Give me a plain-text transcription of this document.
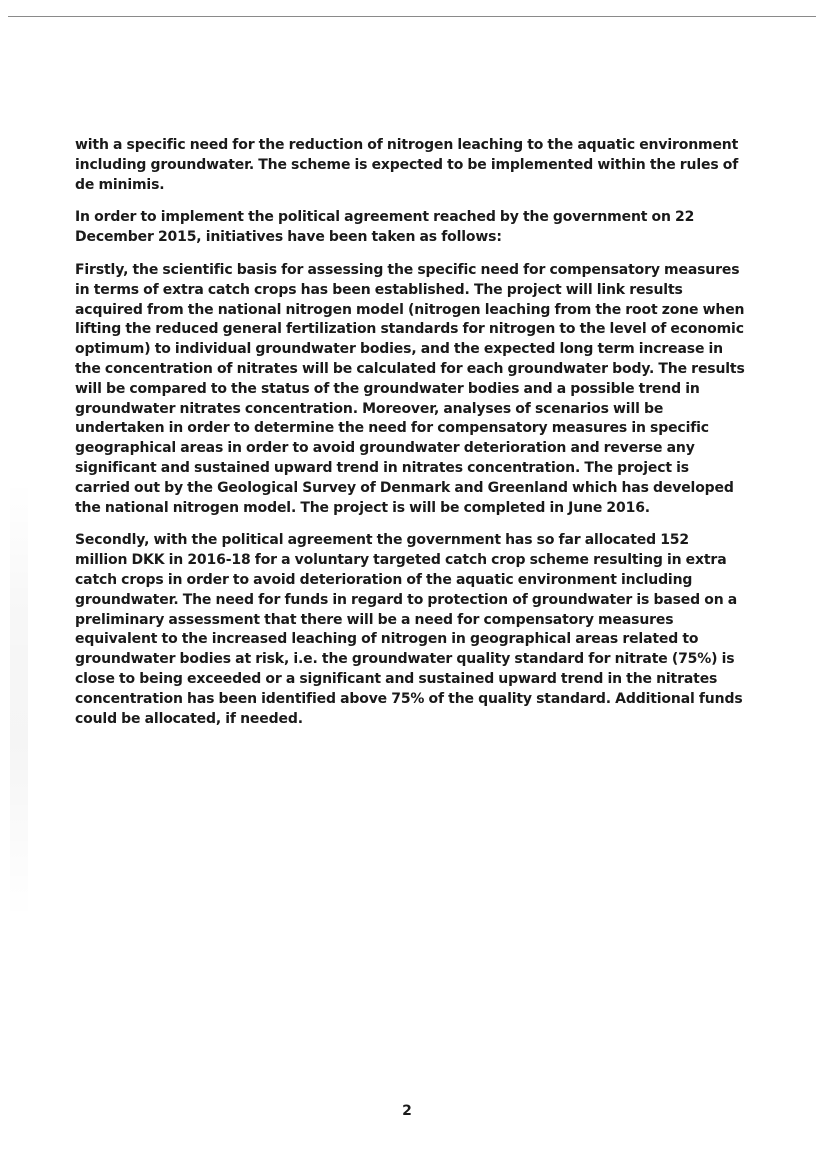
with a specific need for the reduction of nitrogen leaching to the aquatic environment including groundwater. The scheme is expected to be implemented within the rules of de minimis.

In order to implement the political agreement reached by the government on 22 December 2015, initiatives have been taken as follows:

Firstly, the scientific basis for assessing the specific need for compensatory measures in terms of extra catch crops has been established. The project will link results acquired from the national nitrogen model (nitrogen leaching from the root zone when lifting the reduced general fertilization standards for nitrogen to the level of economic optimum) to individual groundwater bodies, and the expected long term increase in the concentration of nitrates will be calculated for each groundwater body. The results will be compared to the status of the groundwater bodies and a possible trend in groundwater nitrates concentration. Moreover, analyses of scenarios will be undertaken in order to determine the need for compensatory measures in specific geographical areas in order to avoid groundwater deterioration and reverse any significant and sustained upward trend in nitrates concentration. The project is carried out by the Geological Survey of Denmark and Greenland which has developed the national nitrogen model. The project is will be completed in June 2016.

Secondly, with the political agreement the government has so far allocated 152 million DKK in 2016-18 for a voluntary targeted catch crop scheme resulting in extra catch crops in order to avoid deterioration of the aquatic environment including groundwater. The need for funds in regard to protection of groundwater is based on a preliminary assessment that there will be a need for compensatory measures equivalent to the increased leaching of nitrogen in geographical areas related to groundwater bodies at risk, i.e. the groundwater quality standard for nitrate (75%) is close to being exceeded or a significant and sustained upward trend in the nitrates concentration has been identified above 75% of the quality standard. Additional funds could be allocated, if needed.

2
